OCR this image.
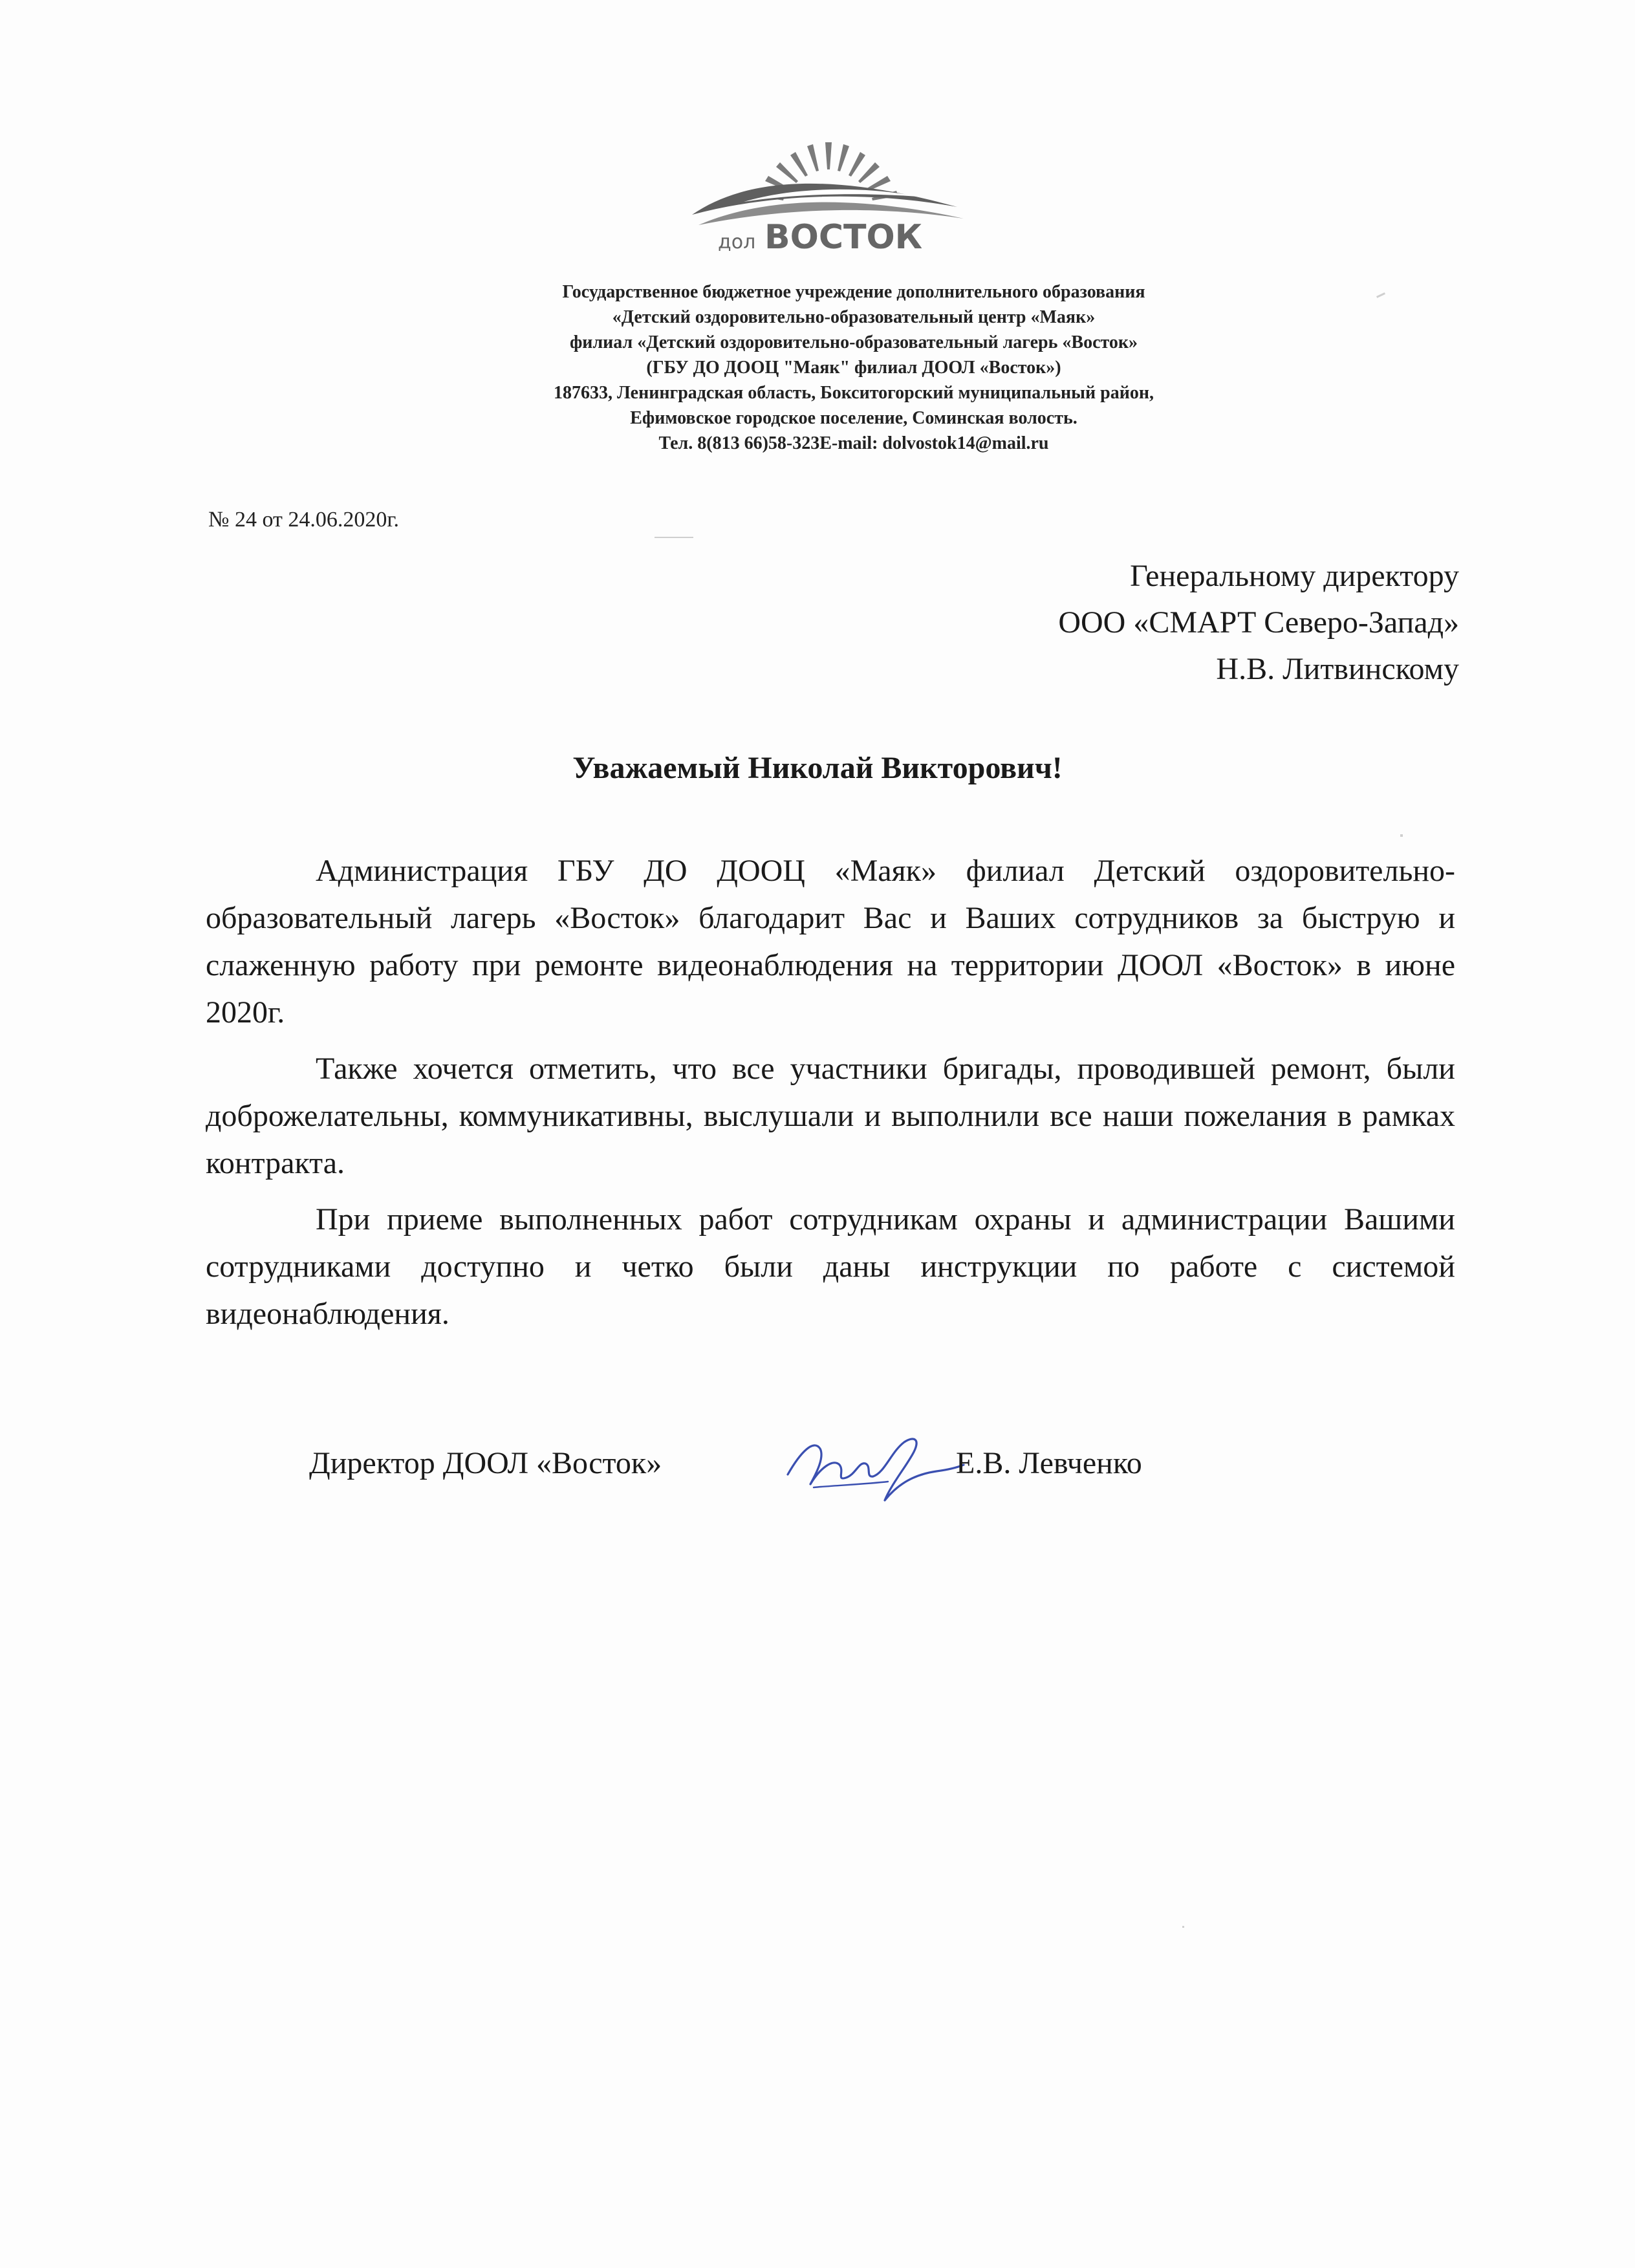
дол ВОСТОК
Государственное бюджетное учреждение дополнительного образования
«Детский оздоровительно-образовательный центр «Маяк»
филиал «Детский оздоровительно-образовательный лагерь «Восток»
(ГБУ ДО ДООЦ "Маяк" филиал ДООЛ «Восток»)
187633, Ленинградская область, Бокситогорский муниципальный район,
Ефимовское городское поселение, Соминская волость.
Тел. 8(813 66)58-323E-mail: dolvostok14@mail.ru
№ 24 от 24.06.2020г.
Генеральному директору
ООО «СМАРТ Северо-Запад»
Н.В. Литвинскому
Уважаемый Николай Викторович!

Администрация ГБУ ДО ДООЦ «Маяк» филиал Детский оздоровительно-образовательный лагерь «Восток» благодарит Вас и Ваших сотрудников за быструю и слаженную работу при ремонте видеонаблюдения на территории ДООЛ «Восток» в июне 2020г.

Также хочется отметить, что все участники бригады, проводившей ремонт, были доброжелательны, коммуникативны, выслушали и выполнили все наши пожелания в рамках контракта.

При приеме выполненных работ сотрудникам охраны и администрации Вашими сотрудниками доступно и четко были даны инструкции по работе с системой видеонаблюдения.

Директор ДООЛ «Восток»	Е.В. Левченко
